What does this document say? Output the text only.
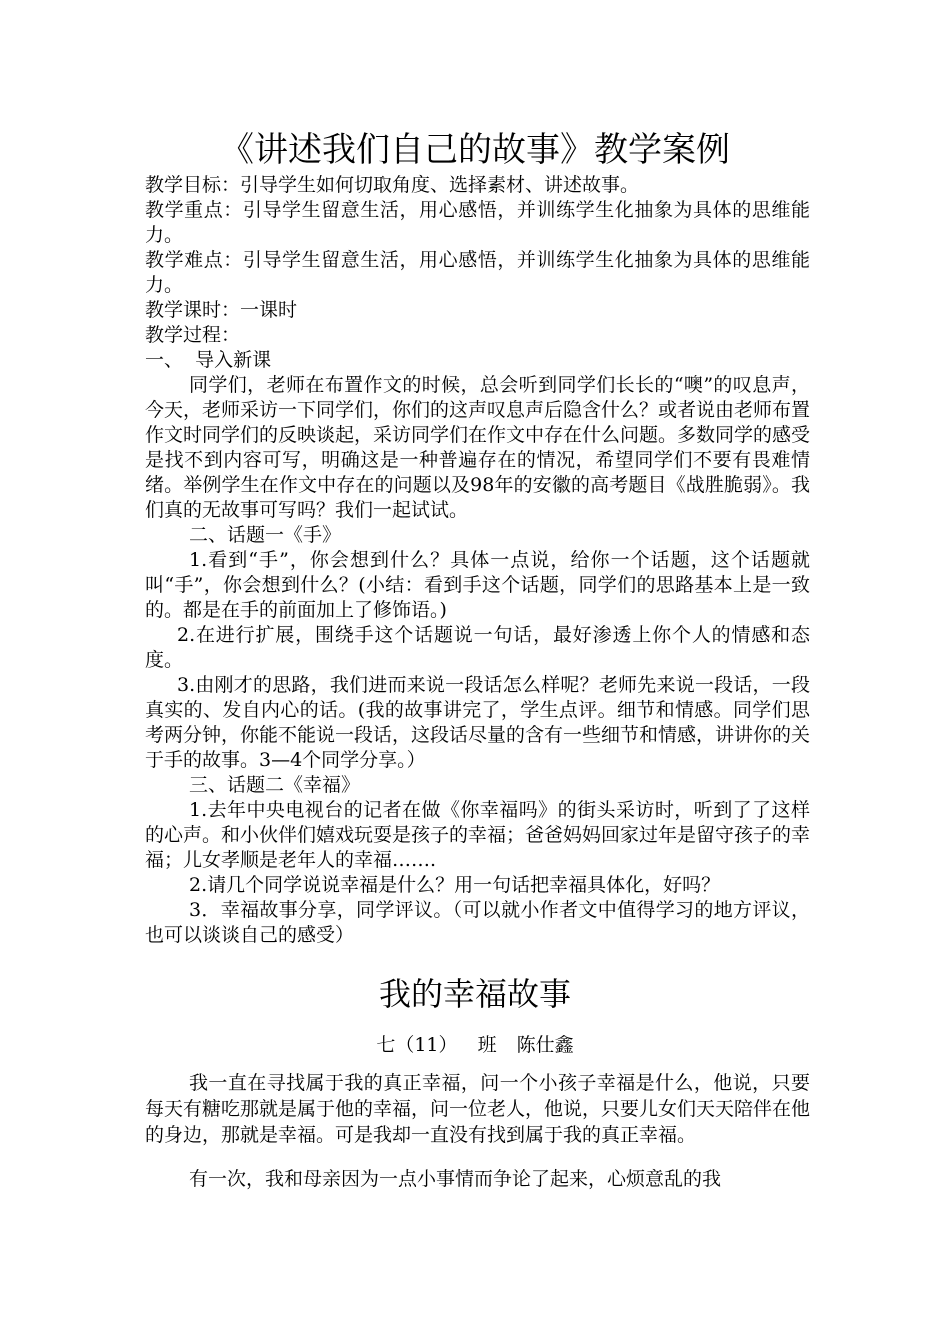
《讲述我们自己的故事》教学案例

教学目标：引导学生如何切取角度、选择素材、讲述故事。

教学重点：引导学生留意生活，用心感悟，并训练学生化抽象为具体的思维能力。

教学难点：引导学生留意生活，用心感悟，并训练学生化抽象为具体的思维能力。

教学课时：一课时

教学过程：

一、  导入新课

同学们，老师在布置作文的时候，总会听到同学们长长的“噢”的叹息声，今天，老师采访一下同学们，你们的这声叹息声后隐含什么？或者说由老师布置作文时同学们的反映谈起，采访同学们在作文中存在什么问题。多数同学的感受是找不到内容可写，明确这是一种普遍存在的情况，希望同学们不要有畏难情绪。举例学生在作文中存在的问题以及98年的安徽的高考题目《战胜脆弱》。我们真的无故事可写吗？我们一起试试。

二、话题一《手》

1.看到“手”，你会想到什么？具体一点说，给你一个话题，这个话题就叫“手”，你会想到什么？(小结：看到手这个话题，同学们的思路基本上是一致的。都是在手的前面加上了修饰语。)

2.在进行扩展，围绕手这个话题说一句话，最好渗透上你个人的情感和态度。

3.由刚才的思路，我们进而来说一段话怎么样呢？老师先来说一段话，一段真实的、发自内心的话。(我的故事讲完了，学生点评。细节和情感。同学们思考两分钟，你能不能说一段话，这段话尽量的含有一些细节和情感，讲讲你的关于手的故事。3—4个同学分享。）

三、话题二《幸福》

1.去年中央电视台的记者在做《你幸福吗》的街头采访时，听到了了这样的心声。和小伙伴们嬉戏玩耍是孩子的幸福；爸爸妈妈回家过年是留守孩子的幸福；儿女孝顺是老年人的幸福…….

2.请几个同学说说幸福是什么？用一句话把幸福具体化，好吗？

3．幸福故事分享，同学评议。（可以就小作者文中值得学习的地方评议，也可以谈谈自己的感受）

我的幸福故事
七（11）  班  陈仕鑫

我一直在寻找属于我的真正幸福，问一个小孩子幸福是什么，他说，只要每天有糖吃那就是属于他的幸福，问一位老人，他说，只要儿女们天天陪伴在他的身边，那就是幸福。可是我却一直没有找到属于我的真正幸福。

有一次，我和母亲因为一点小事情而争论了起来，心烦意乱的我
